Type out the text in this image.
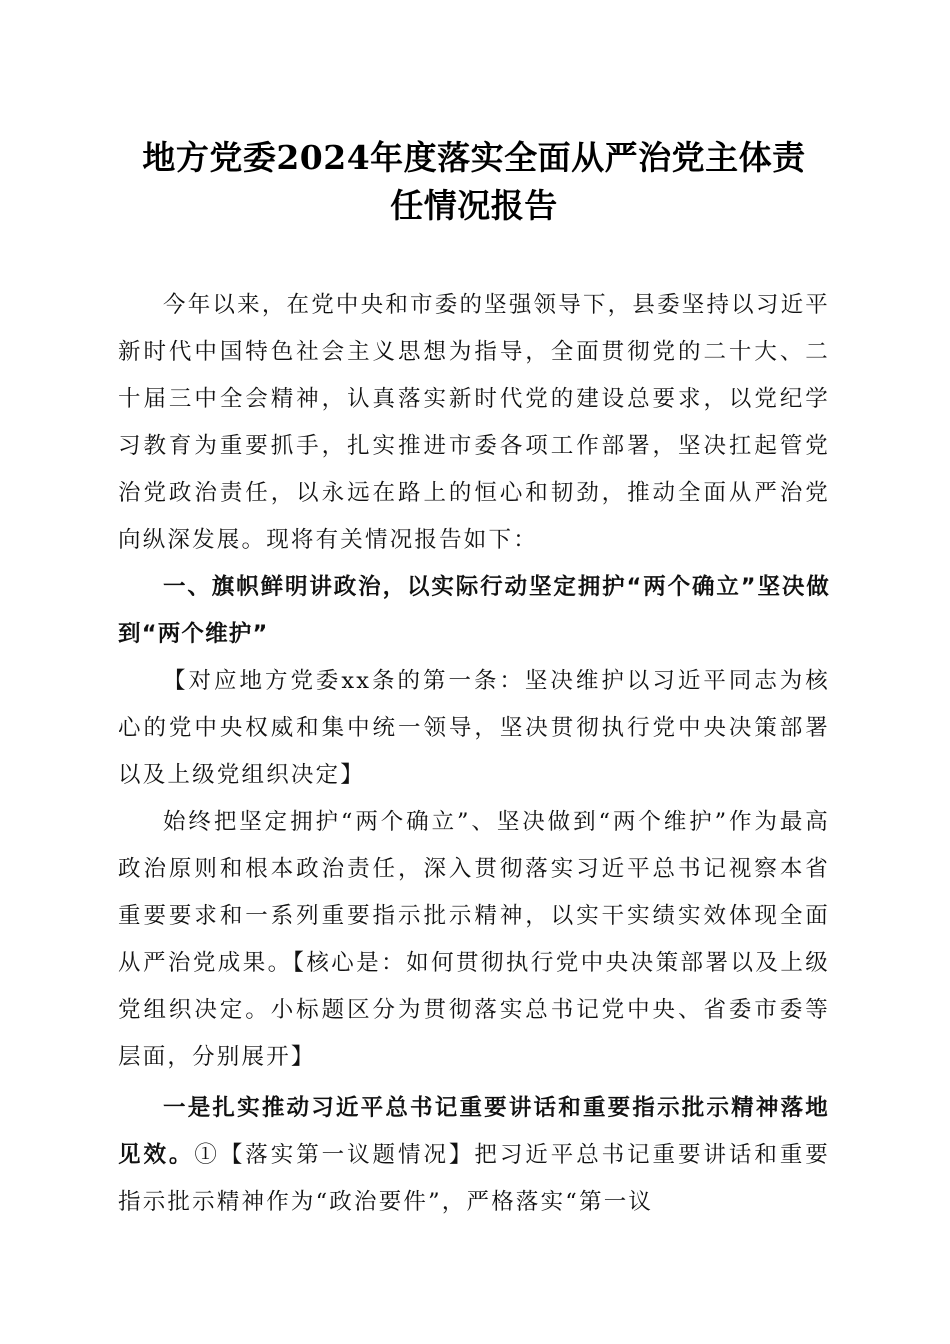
地方党委2024年度落实全面从严治党主体责
任情况报告

今年以来，在党中央和市委的坚强领导下，县委坚持以习近平新时代中国特色社会主义思想为指导，全面贯彻党的二十大、二十届三中全会精神，认真落实新时代党的建设总要求，以党纪学习教育为重要抓手，扎实推进市委各项工作部署，坚决扛起管党治党政治责任，以永远在路上的恒心和韧劲，推动全面从严治党向纵深发展。现将有关情况报告如下：

一、旗帜鲜明讲政治，以实际行动坚定拥护“两个确立”坚决做到“两个维护”

【对应地方党委xx条的第一条：坚决维护以习近平同志为核心的党中央权威和集中统一领导，坚决贯彻执行党中央决策部署以及上级党组织决定】

始终把坚定拥护“两个确立”、坚决做到“两个维护”作为最高政治原则和根本政治责任，深入贯彻落实习近平总书记视察本省重要要求和一系列重要指示批示精神，以实干实绩实效体现全面从严治党成果。【核心是：如何贯彻执行党中央决策部署以及上级党组织决定。小标题区分为贯彻落实总书记党中央、省委市委等层面，分别展开】

一是扎实推动习近平总书记重要讲话和重要指示批示精神落地见效。①【落实第一议题情况】把习近平总书记重要讲话和重要指示批示精神作为“政治要件”，严格落实“第一议
